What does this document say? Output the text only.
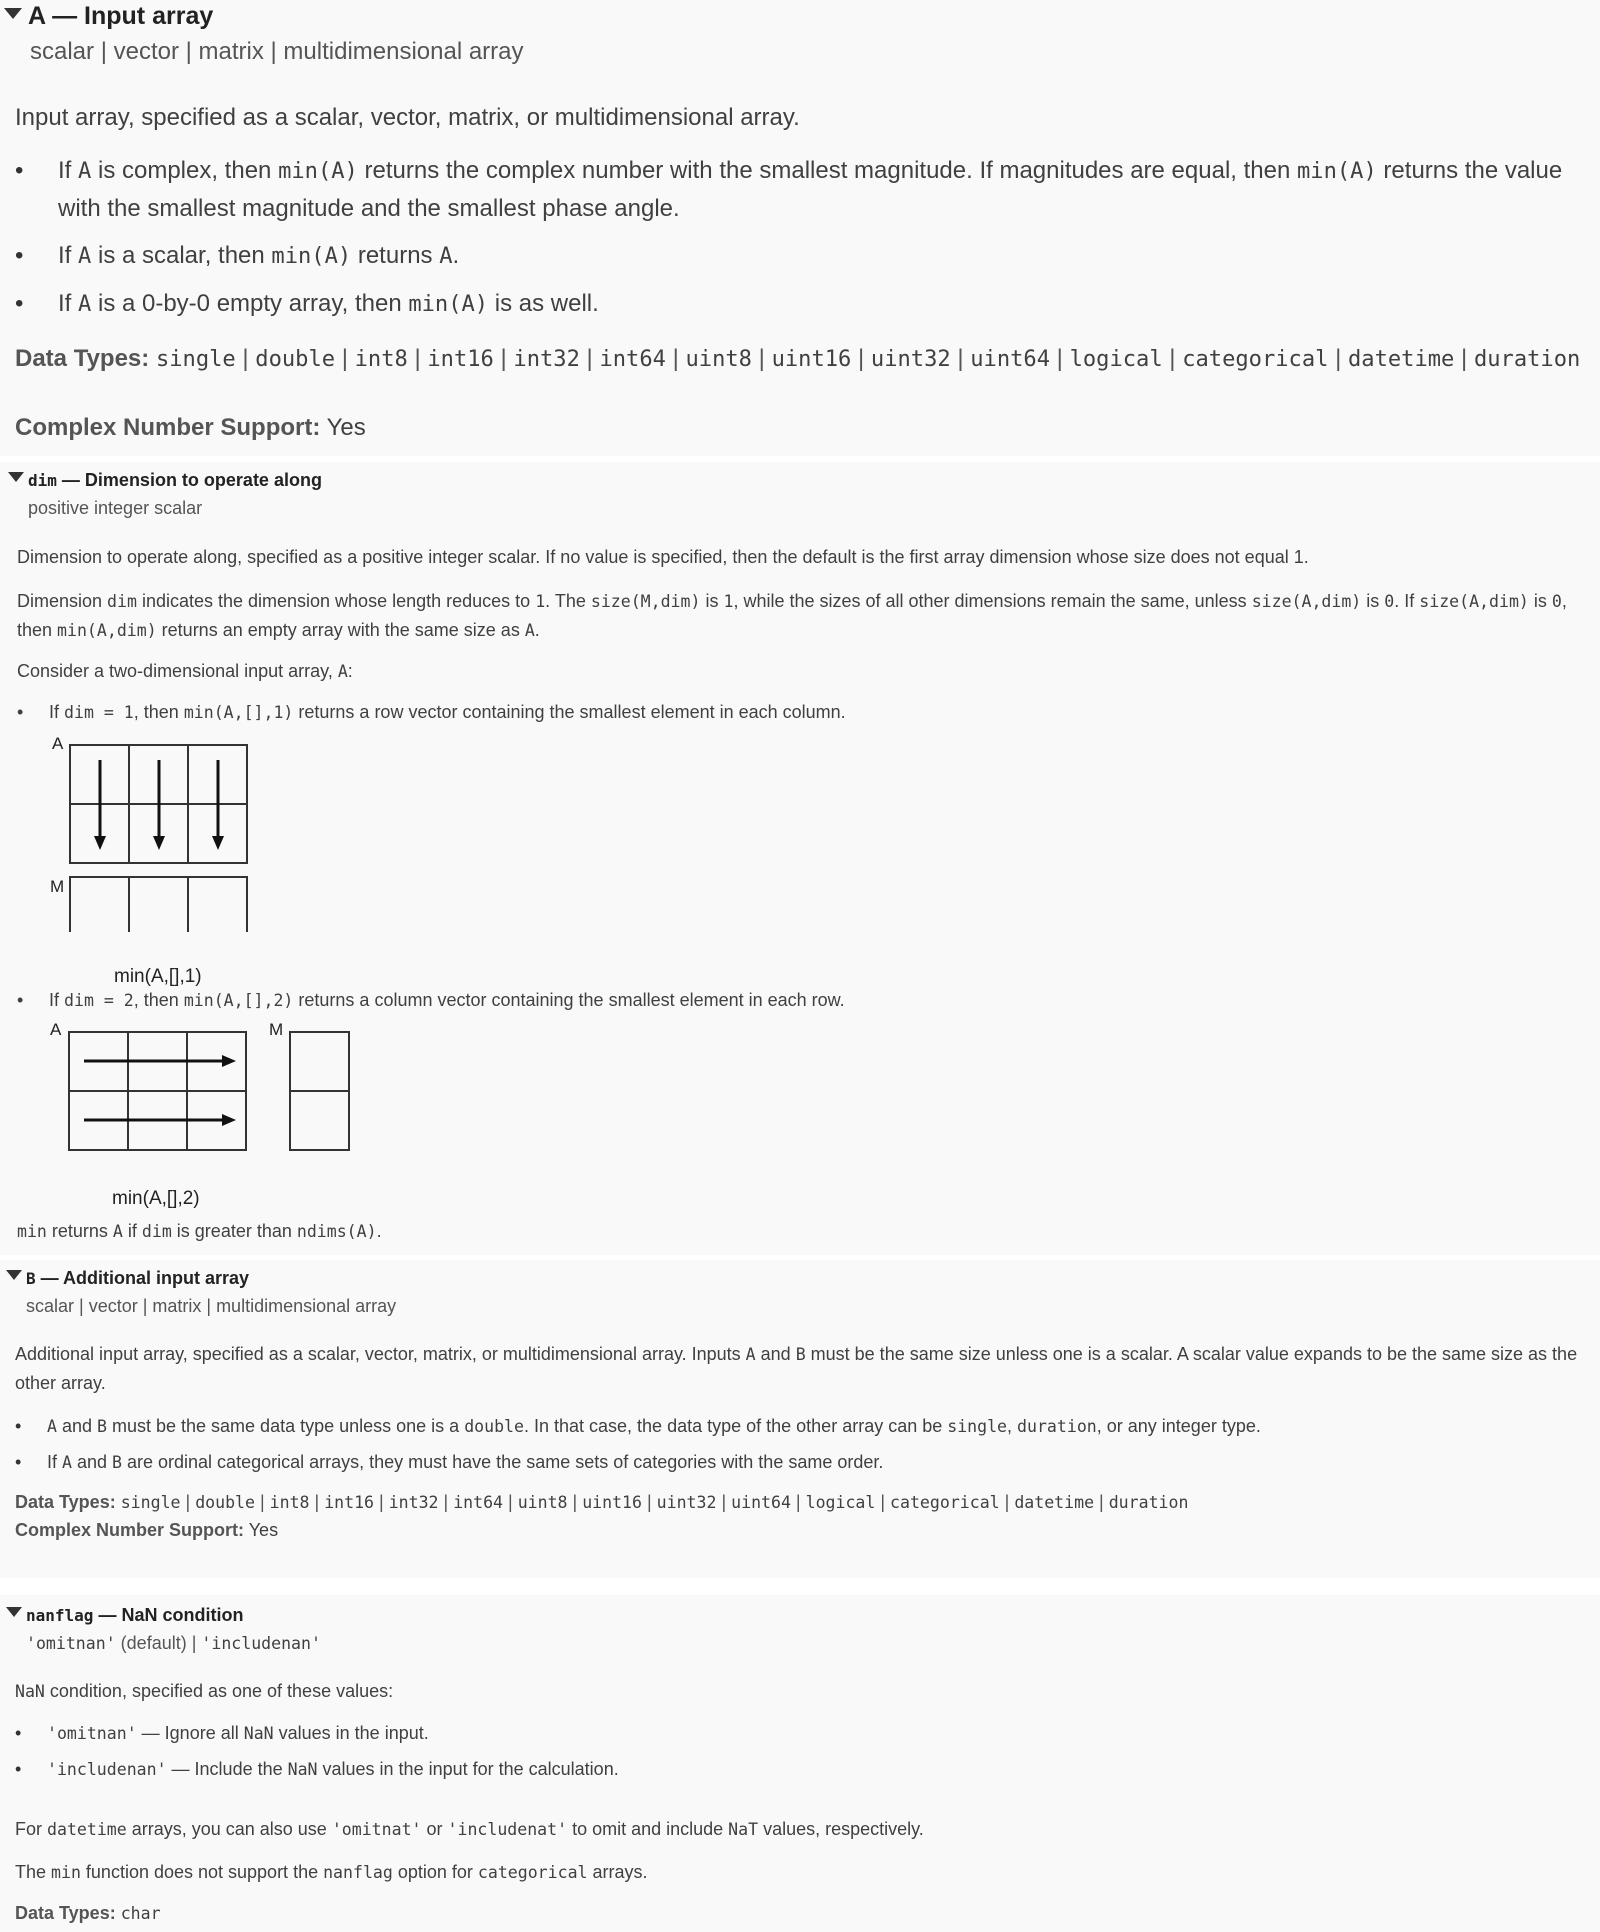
A — Input array
scalar | vector | matrix | multidimensional array

Input array, specified as a scalar, vector, matrix, or multidimensional array.

• If A is complex, then min(A) returns the complex number with the smallest magnitude. If magnitudes are equal, then min(A) returns the value with the smallest magnitude and the smallest phase angle.
• If A is a scalar, then min(A) returns A.
• If A is a 0-by-0 empty array, then min(A) is as well.
Data Types: single | double | int8 | int16 | int32 | int64 | uint8 | uint16 | uint32 | uint64 | logical | categorical | datetime | duration
Complex Number Support: Yes
dim — Dimension to operate along
positive integer scalar

Dimension to operate along, specified as a positive integer scalar. If no value is specified, then the default is the first array dimension whose size does not equal 1.

Dimension dim indicates the dimension whose length reduces to 1. The size(M,dim) is 1, while the sizes of all other dimensions remain the same, unless size(A,dim) is 0. If size(A,dim) is 0, then min(A,dim) returns an empty array with the same size as A.

Consider a two-dimensional input array, A:

• If dim = 1, then min(A,[],1) returns a row vector containing the smallest element in each column.
A
M
min(A,[],1)
• If dim = 2, then min(A,[],2) returns a column vector containing the smallest element in each row.
A	M
min(A,[],2)

min returns A if dim is greater than ndims(A).

B — Additional input array
scalar | vector | matrix | multidimensional array

Additional input array, specified as a scalar, vector, matrix, or multidimensional array. Inputs A and B must be the same size unless one is a scalar. A scalar value expands to be the same size as the other array.

• A and B must be the same data type unless one is a double. In that case, the data type of the other array can be single, duration, or any integer type.
• If A and B are ordinal categorical arrays, they must have the same sets of categories with the same order.
Data Types: single | double | int8 | int16 | int32 | int64 | uint8 | uint16 | uint32 | uint64 | logical | categorical | datetime | duration
Complex Number Support: Yes
nanflag — NaN condition
'omitnan' (default) | 'includenan'

NaN condition, specified as one of these values:

• 'omitnan' — Ignore all NaN values in the input.
• 'includenan' — Include the NaN values in the input for the calculation.

For datetime arrays, you can also use 'omitnat' or 'includenat' to omit and include NaT values, respectively.

The min function does not support the nanflag option for categorical arrays.

Data Types: char
